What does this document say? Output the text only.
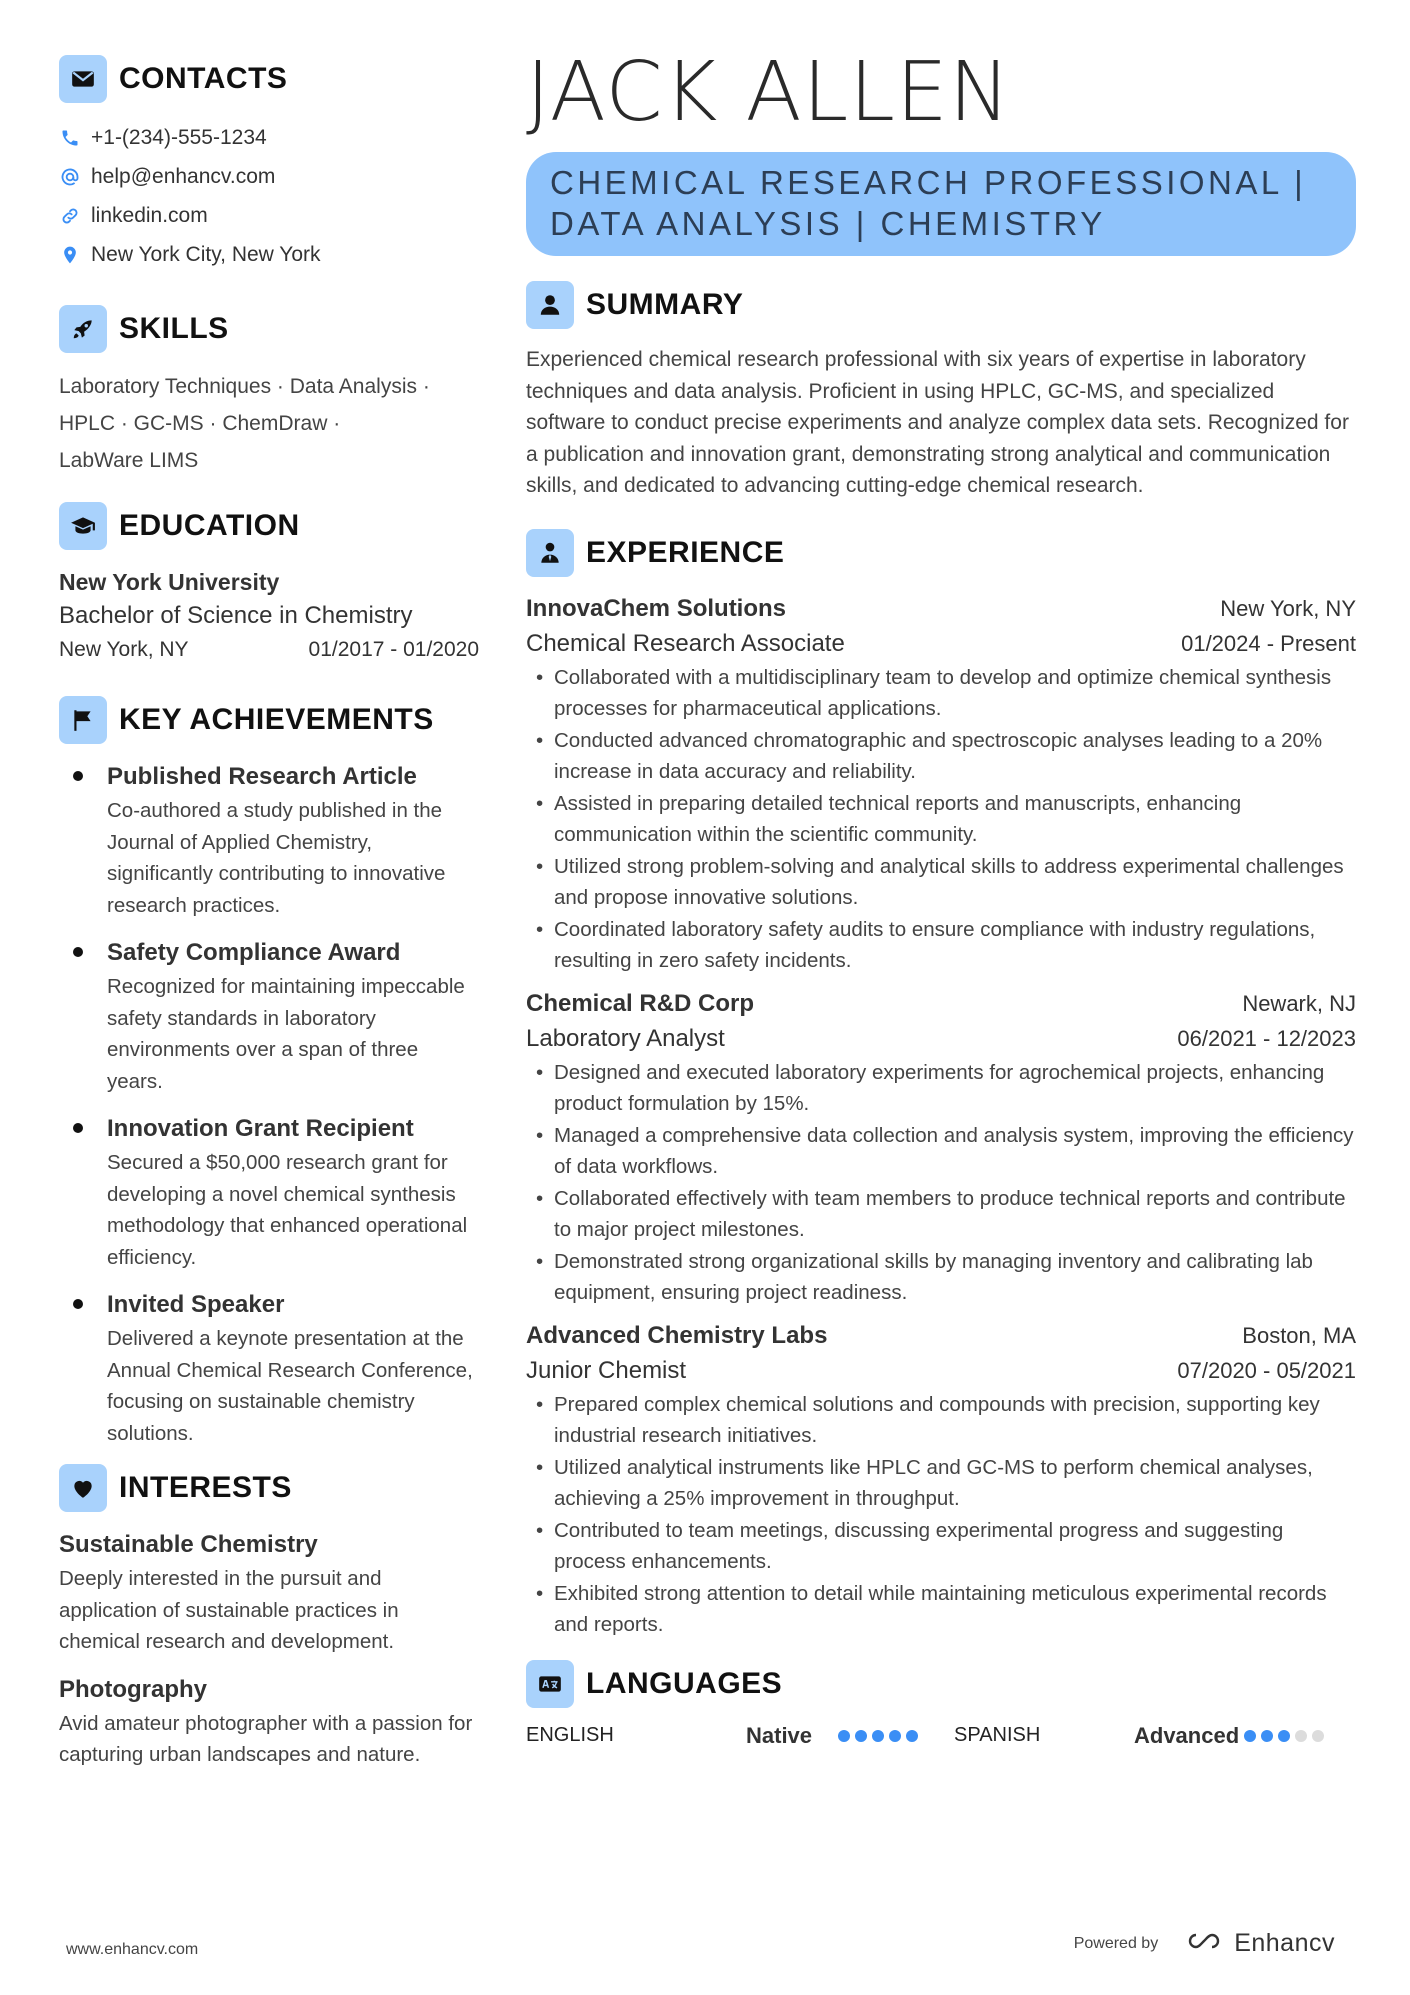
CONTACTS
+1-(234)-555-1234
help@enhancv.com
linkedin.com
New York City, New York
SKILLS
Laboratory Techniques · Data Analysis ·
HPLC · GC-MS · ChemDraw ·
LabWare LIMS
EDUCATION
New York University
Bachelor of Science in Chemistry
New York, NY	01/2017 - 01/2020
KEY ACHIEVEMENTS
Published Research Article
Co-authored a study published in the Journal of Applied Chemistry, significantly contributing to innovative research practices.
Safety Compliance Award
Recognized for maintaining impeccable safety standards in laboratory environments over a span of three years.
Innovation Grant Recipient
Secured a $50,000 research grant for developing a novel chemical synthesis methodology that enhanced operational efficiency.
Invited Speaker
Delivered a keynote presentation at the Annual Chemical Research Conference, focusing on sustainable chemistry solutions.
INTERESTS
Sustainable Chemistry
Deeply interested in the pursuit and application of sustainable practices in chemical research and development.
Photography
Avid amateur photographer with a passion for capturing urban landscapes and nature.
JACK ALLEN
CHEMICAL RESEARCH PROFESSIONAL | DATA ANALYSIS | CHEMISTRY
SUMMARY
Experienced chemical research professional with six years of expertise in laboratory techniques and data analysis. Proficient in using HPLC, GC-MS, and specialized software to conduct precise experiments and analyze complex data sets. Recognized for a publication and innovation grant, demonstrating strong analytical and communication skills, and dedicated to advancing cutting-edge chemical research.
EXPERIENCE
InnovaChem Solutions	New York, NY
Chemical Research Associate	01/2024 - Present
• Collaborated with a multidisciplinary team to develop and optimize chemical synthesis processes for pharmaceutical applications.
• Conducted advanced chromatographic and spectroscopic analyses leading to a 20% increase in data accuracy and reliability.
• Assisted in preparing detailed technical reports and manuscripts, enhancing communication within the scientific community.
• Utilized strong problem-solving and analytical skills to address experimental challenges and propose innovative solutions.
• Coordinated laboratory safety audits to ensure compliance with industry regulations, resulting in zero safety incidents.
Chemical R&D Corp	Newark, NJ
Laboratory Analyst	06/2021 - 12/2023
• Designed and executed laboratory experiments for agrochemical projects, enhancing product formulation by 15%.
• Managed a comprehensive data collection and analysis system, improving the efficiency of data workflows.
• Collaborated effectively with team members to produce technical reports and contribute to major project milestones.
• Demonstrated strong organizational skills by managing inventory and calibrating lab equipment, ensuring project readiness.
Advanced Chemistry Labs	Boston, MA
Junior Chemist	07/2020 - 05/2021
• Prepared complex chemical solutions and compounds with precision, supporting key industrial research initiatives.
• Utilized analytical instruments like HPLC and GC-MS to perform chemical analyses, achieving a 25% improvement in throughput.
• Contributed to team meetings, discussing experimental progress and suggesting process enhancements.
• Exhibited strong attention to detail while maintaining meticulous experimental records and reports.
LANGUAGES
ENGLISH	Native	SPANISH	Advanced
www.enhancv.com	Powered by	Enhancv
